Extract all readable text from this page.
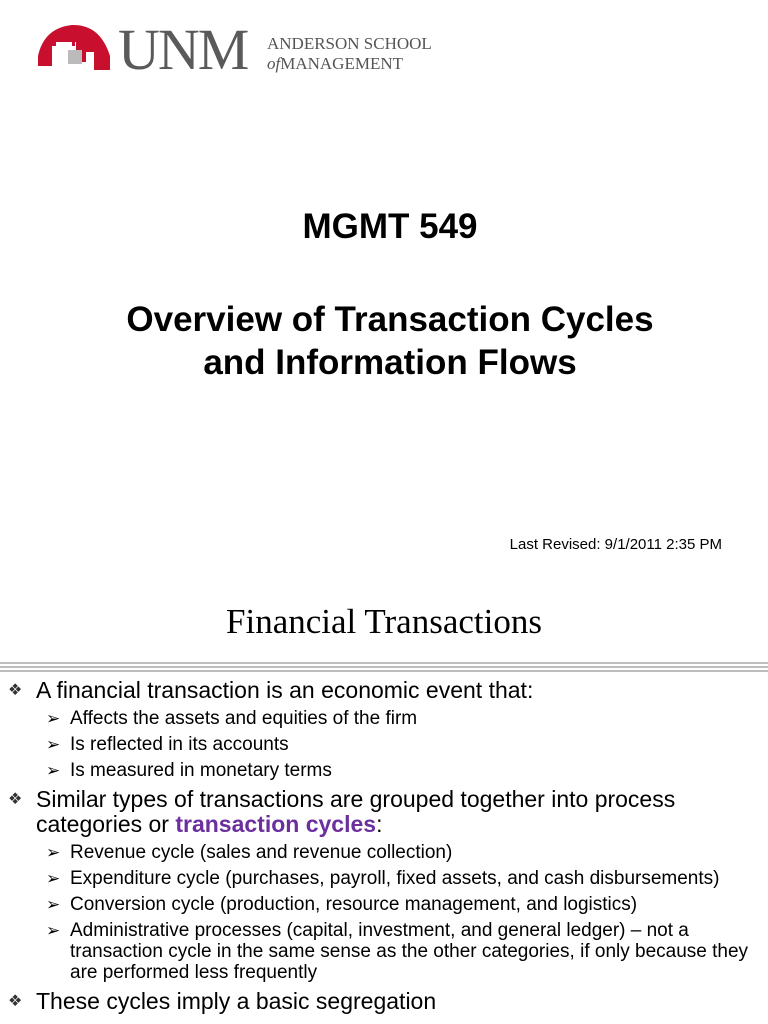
UNM ANDERSON SCHOOL
ofMANAGEMENT
MGMT 549
Overview of Transaction Cycles
and Information Flows
Last Revised: 9/1/2011 2:35 PM
Financial Transactions
❖ A financial transaction is an economic event that:
➢ Affects the assets and equities of the firm
➢ Is reflected in its accounts
➢ Is measured in monetary terms
❖ Similar types of transactions are grouped together into process categories or transaction cycles:
➢ Revenue cycle (sales and revenue collection)
➢ Expenditure cycle (purchases, payroll, fixed assets, and cash disbursements)
➢ Conversion cycle (production, resource management, and logistics)
➢ Administrative processes (capital, investment, and general ledger) – not a transaction cycle in the same sense as the other categories, if only because they are performed less frequently
❖ These cycles imply a basic segregation
